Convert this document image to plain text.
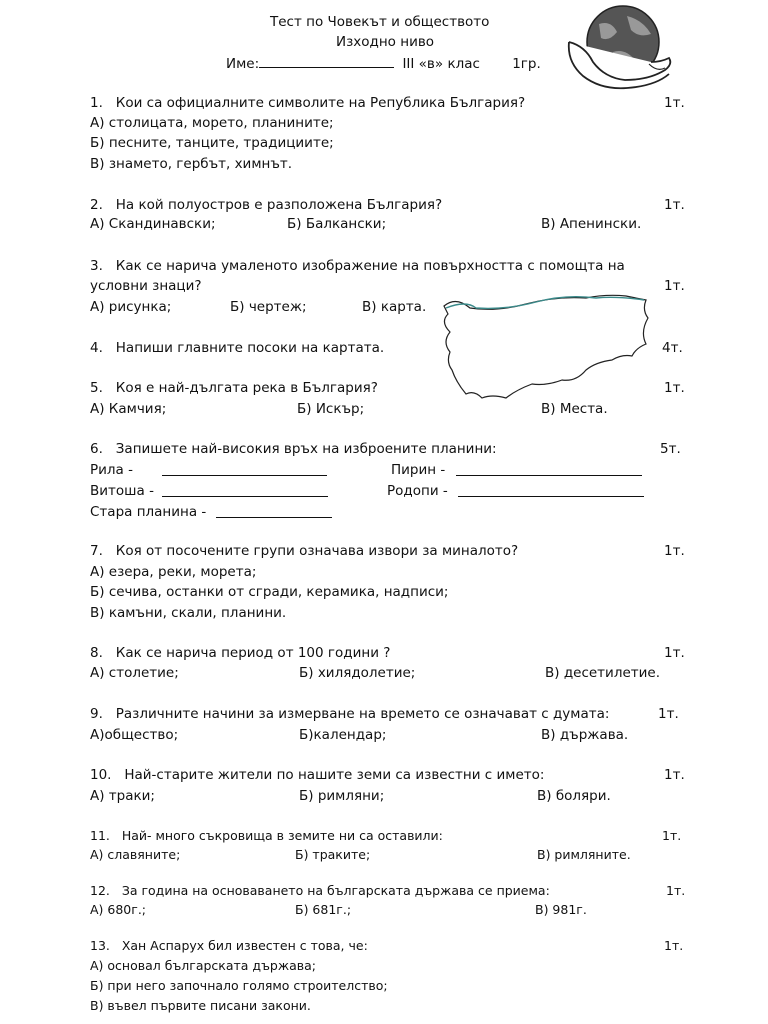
Тест по Човекът и обществото
Изходно ниво
Име:	III «в» клас 1гр.
1. Кои са официалните символите на Република България?	1т.
А) столицата, морето, планините;
Б) песните, танците, традициите;
В) знамето, гербът, химнът.
2. На кой полуостров е разположена България?	1т.
А) Скандинавски;	Б) Балкански;	В) Апенински.
3. Как се нарича умаленото изображение на повърхността с помощта на
условни знаци?	1т.
А) рисунка;	Б) чертеж;	В) карта.
4. Напиши главните посоки на картата.	4т.
5. Коя е най-дългата река в България?	1т.
А) Камчия;	Б) Искър;	В) Места.
6. Запишете най-високия връх на изброените планини:	5т.
Рила -	Пирин -
Витоша -	Родопи -
Стара планина -
7. Коя от посочените групи означава извори за миналото?	1т.
А) езера, реки, морета;
Б) сечива, останки от сгради, керамика, надписи;
В) камъни, скали, планини.
8. Как се нарича период от 100 години ?	1т.
А) столетие;	Б) хилядолетие;	В) десетилетие.
9. Различните начини за измерване на времето се означават с думата:	1т.
А)общество;	Б)календар;	В) държава.
10. Най-старите жители по нашите земи са известни с името:	1т.
А) траки;	Б) римляни;	В) боляри.
11. Най- много съкровища в земите ни са оставили:	1т.
А) славяните;	Б) траките;	В) римляните.
12. За година на основаването на българската държава се приема:	1т.
А) 680г.;	Б) 681г.;	В) 981г.
13. Хан Аспарух бил известен с това, че:	1т.
А) основал българската държава;
Б) при него започнало голямо строителство;
В) въвел първите писани закони.
